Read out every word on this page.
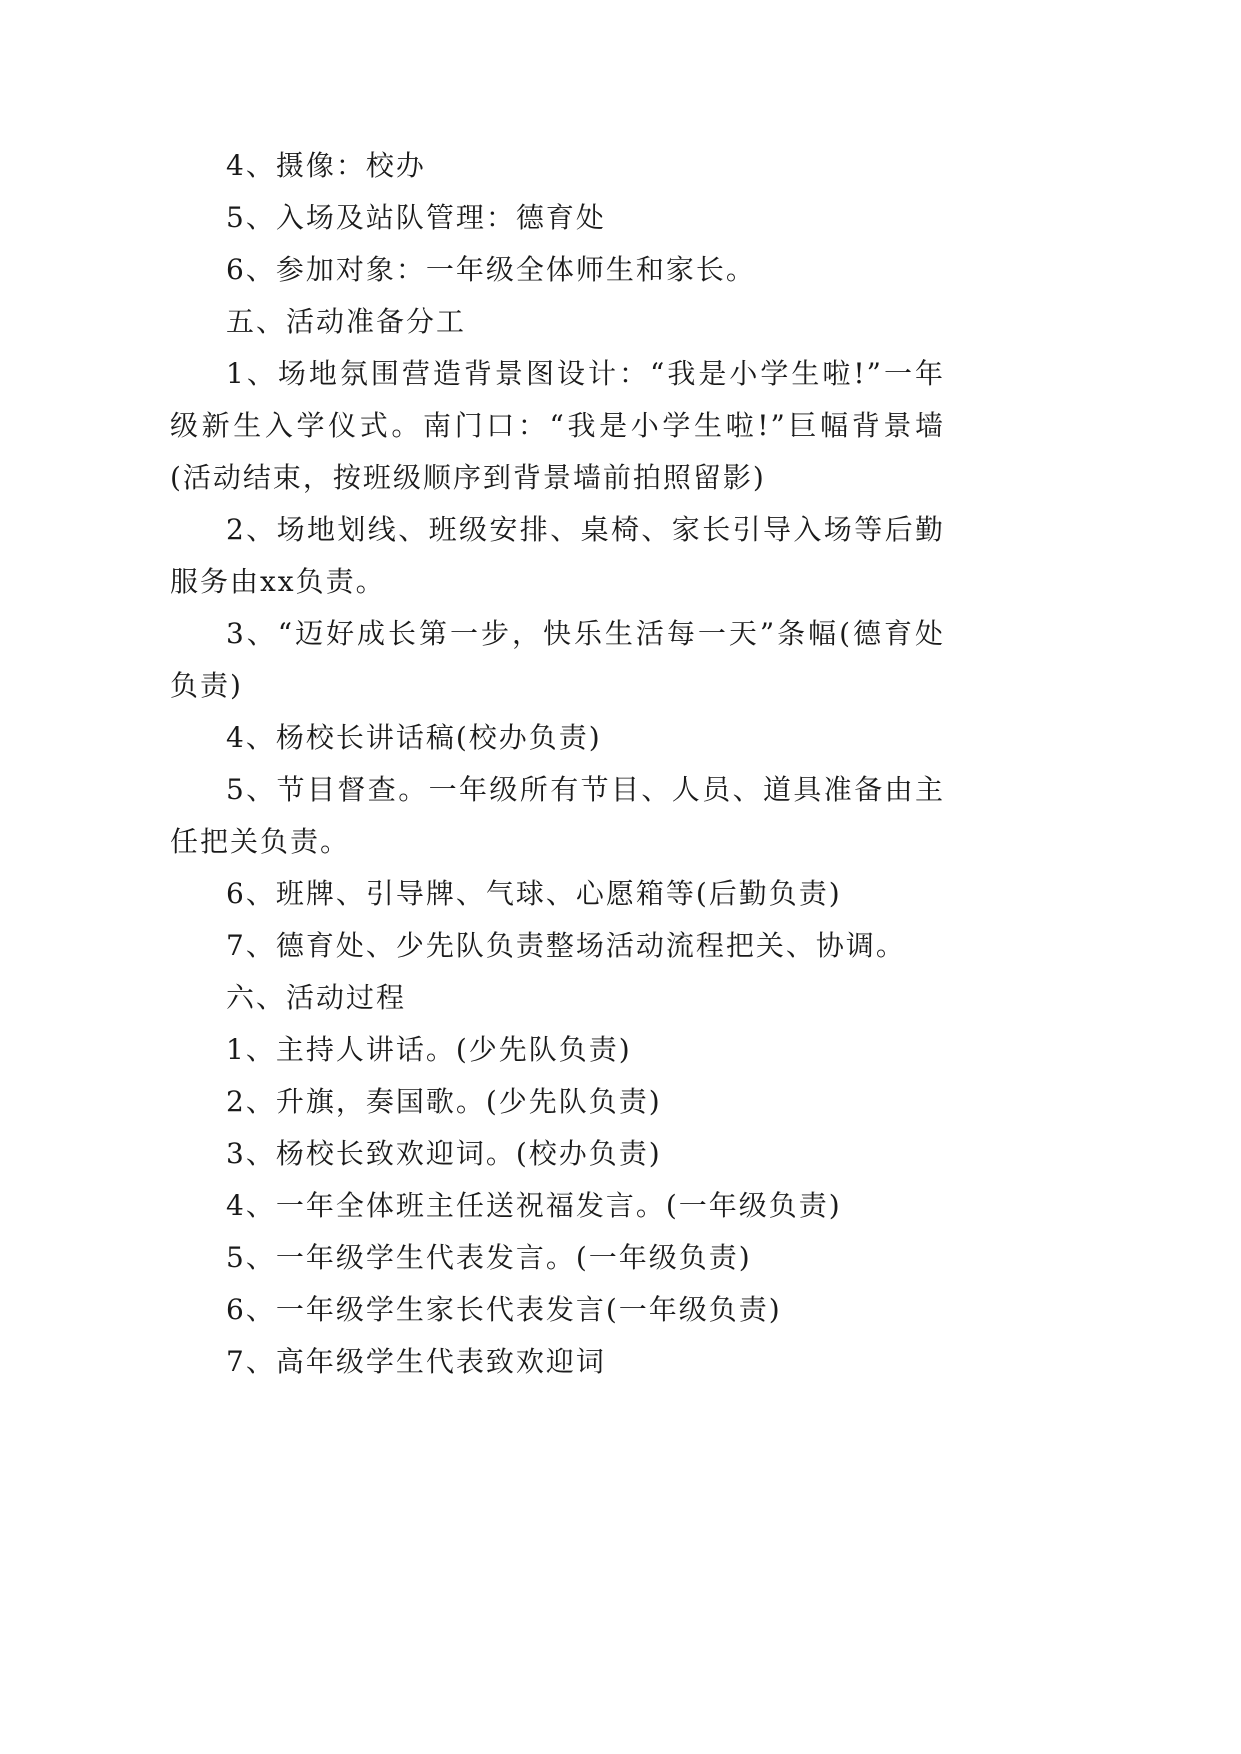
4、摄像：校办

5、入场及站队管理：德育处

6、参加对象：一年级全体师生和家长。

五、活动准备分工

1、场地氛围营造背景图设计：“我是小学生啦!”一年级新生入学仪式。南门口：“我是小学生啦!”巨幅背景墙(活动结束，按班级顺序到背景墙前拍照留影)

2、场地划线、班级安排、桌椅、家长引导入场等后勤服务由xx负责。

3、“迈好成长第一步，快乐生活每一天”条幅(德育处负责)

4、杨校长讲话稿(校办负责)

5、节目督查。一年级所有节目、人员、道具准备由主任把关负责。

6、班牌、引导牌、气球、心愿箱等(后勤负责)

7、德育处、少先队负责整场活动流程把关、协调。

六、活动过程

1、主持人讲话。(少先队负责)

2、升旗，奏国歌。(少先队负责)

3、杨校长致欢迎词。(校办负责)

4、一年全体班主任送祝福发言。(一年级负责)

5、一年级学生代表发言。(一年级负责)

6、一年级学生家长代表发言(一年级负责)

7、高年级学生代表致欢迎词
